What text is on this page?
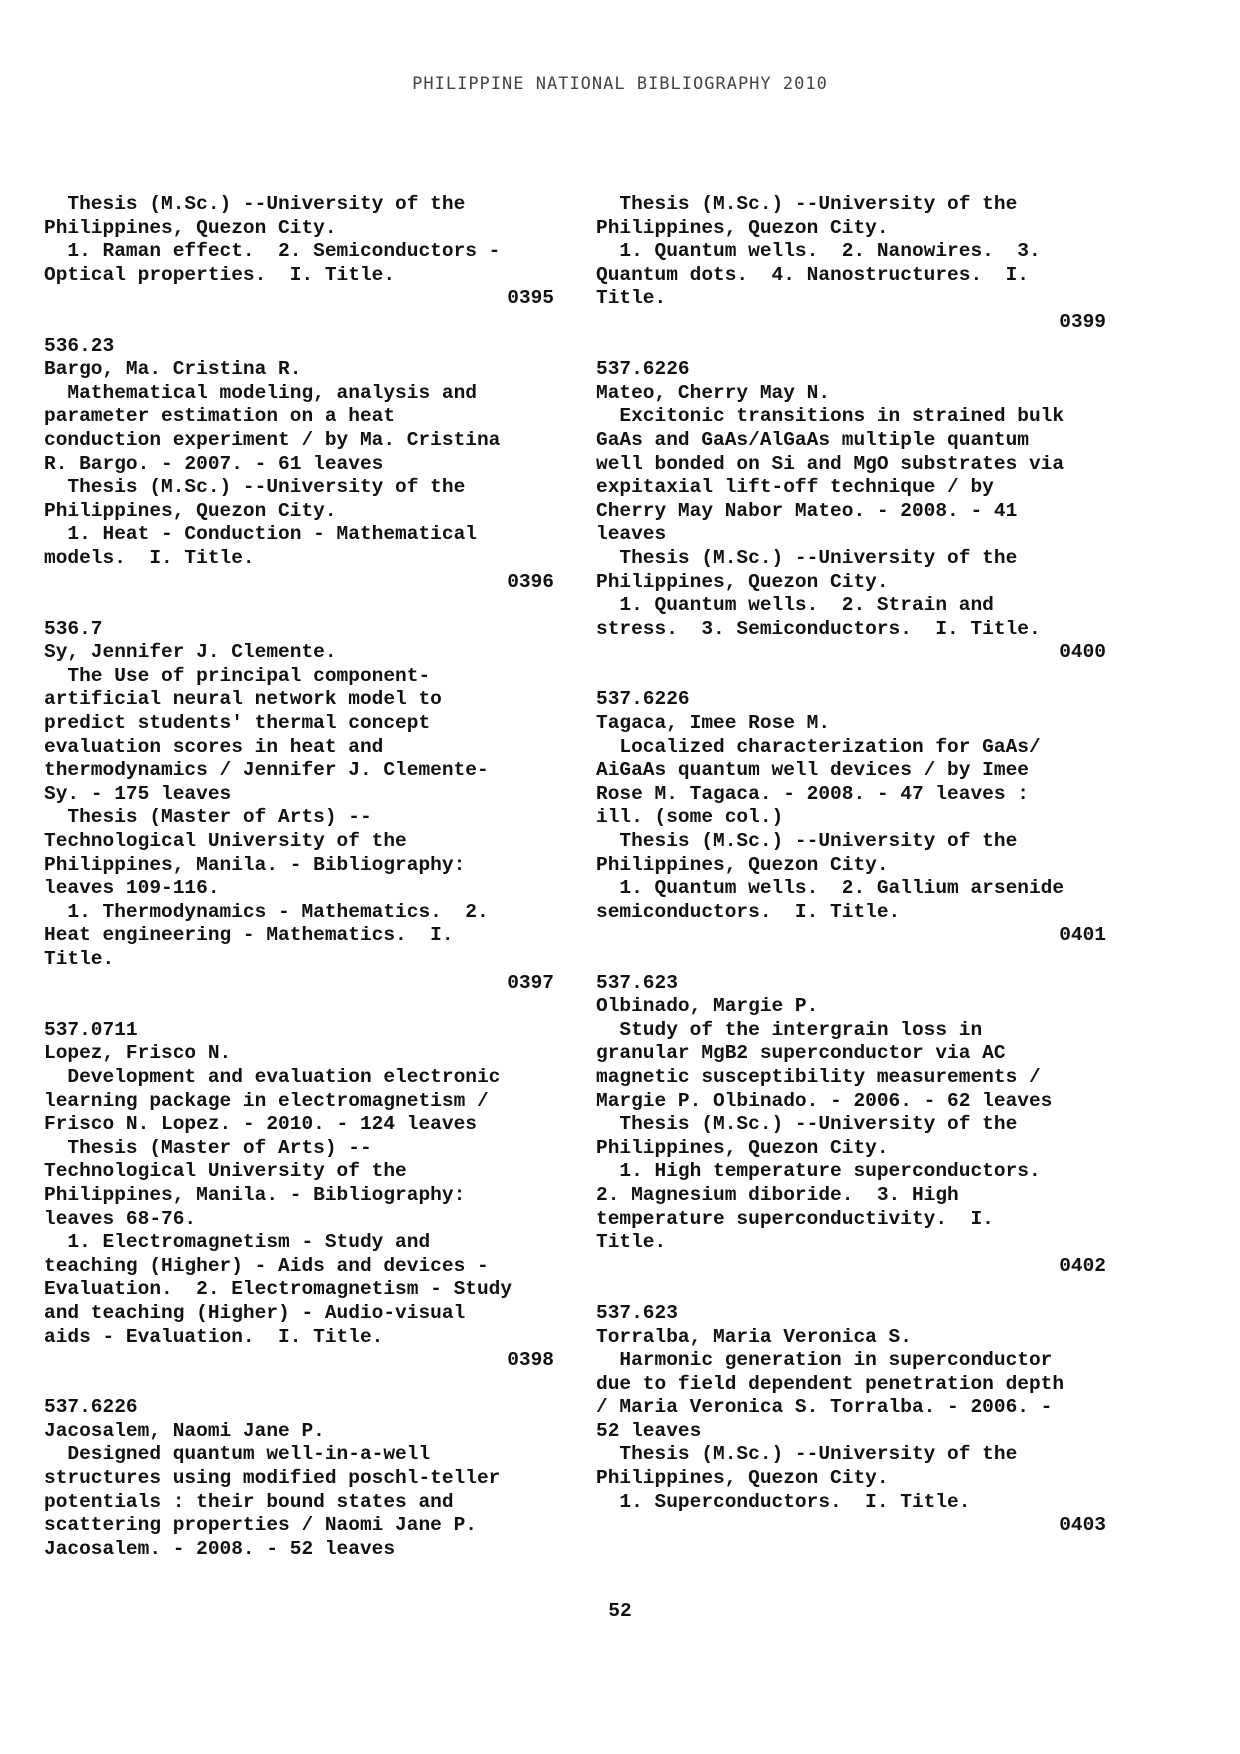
PHILIPPINE NATIONAL BIBLIOGRAPHY 2010
Thesis (M.Sc.) --University of the
Philippines, Quezon City.
1. Raman effect.  2. Semiconductors -
Optical properties.  I. Title.
0395
536.23
Bargo, Ma. Cristina R.
Mathematical modeling, analysis and
parameter estimation on a heat
conduction experiment / by Ma. Cristina
R. Bargo. - 2007. - 61 leaves
Thesis (M.Sc.) --University of the
Philippines, Quezon City.
1. Heat - Conduction - Mathematical
models.  I. Title.
0396
536.7
Sy, Jennifer J. Clemente.
The Use of principal component-
artificial neural network model to
predict students' thermal concept
evaluation scores in heat and
thermodynamics / Jennifer J. Clemente-
Sy. - 175 leaves
Thesis (Master of Arts) --
Technological University of the
Philippines, Manila. - Bibliography:
leaves 109-116.
1. Thermodynamics - Mathematics.  2.
Heat engineering - Mathematics.  I.
Title.
0397
537.0711
Lopez, Frisco N.
Development and evaluation electronic
learning package in electromagnetism /
Frisco N. Lopez. - 2010. - 124 leaves
Thesis (Master of Arts) --
Technological University of the
Philippines, Manila. - Bibliography:
leaves 68-76.
1. Electromagnetism - Study and
teaching (Higher) - Aids and devices -
Evaluation.  2. Electromagnetism - Study
and teaching (Higher) - Audio-visual
aids - Evaluation.  I. Title.
0398
537.6226
Jacosalem, Naomi Jane P.
Designed quantum well-in-a-well
structures using modified poschl-teller
potentials : their bound states and
scattering properties / Naomi Jane P.
Jacosalem. - 2008. - 52 leaves
Thesis (M.Sc.) --University of the
Philippines, Quezon City.
1. Quantum wells.  2. Nanowires.  3.
Quantum dots.  4. Nanostructures.  I.
Title.
0399
537.6226
Mateo, Cherry May N.
Excitonic transitions in strained bulk
GaAs and GaAs/AlGaAs multiple quantum
well bonded on Si and MgO substrates via
expitaxial lift-off technique / by
Cherry May Nabor Mateo. - 2008. - 41
leaves
Thesis (M.Sc.) --University of the
Philippines, Quezon City.
1. Quantum wells.  2. Strain and
stress.  3. Semiconductors.  I. Title.
0400
537.6226
Tagaca, Imee Rose M.
Localized characterization for GaAs/
AiGaAs quantum well devices / by Imee
Rose M. Tagaca. - 2008. - 47 leaves :
ill. (some col.)
Thesis (M.Sc.) --University of the
Philippines, Quezon City.
1. Quantum wells.  2. Gallium arsenide
semiconductors.  I. Title.
0401
537.623
Olbinado, Margie P.
Study of the intergrain loss in
granular MgB2 superconductor via AC
magnetic susceptibility measurements /
Margie P. Olbinado. - 2006. - 62 leaves
Thesis (M.Sc.) --University of the
Philippines, Quezon City.
1. High temperature superconductors.
2. Magnesium diboride.  3. High
temperature superconductivity.  I.
Title.
0402
537.623
Torralba, Maria Veronica S.
Harmonic generation in superconductor
due to field dependent penetration depth
/ Maria Veronica S. Torralba. - 2006. -
52 leaves
Thesis (M.Sc.) --University of the
Philippines, Quezon City.
1. Superconductors.  I. Title.
0403
52
